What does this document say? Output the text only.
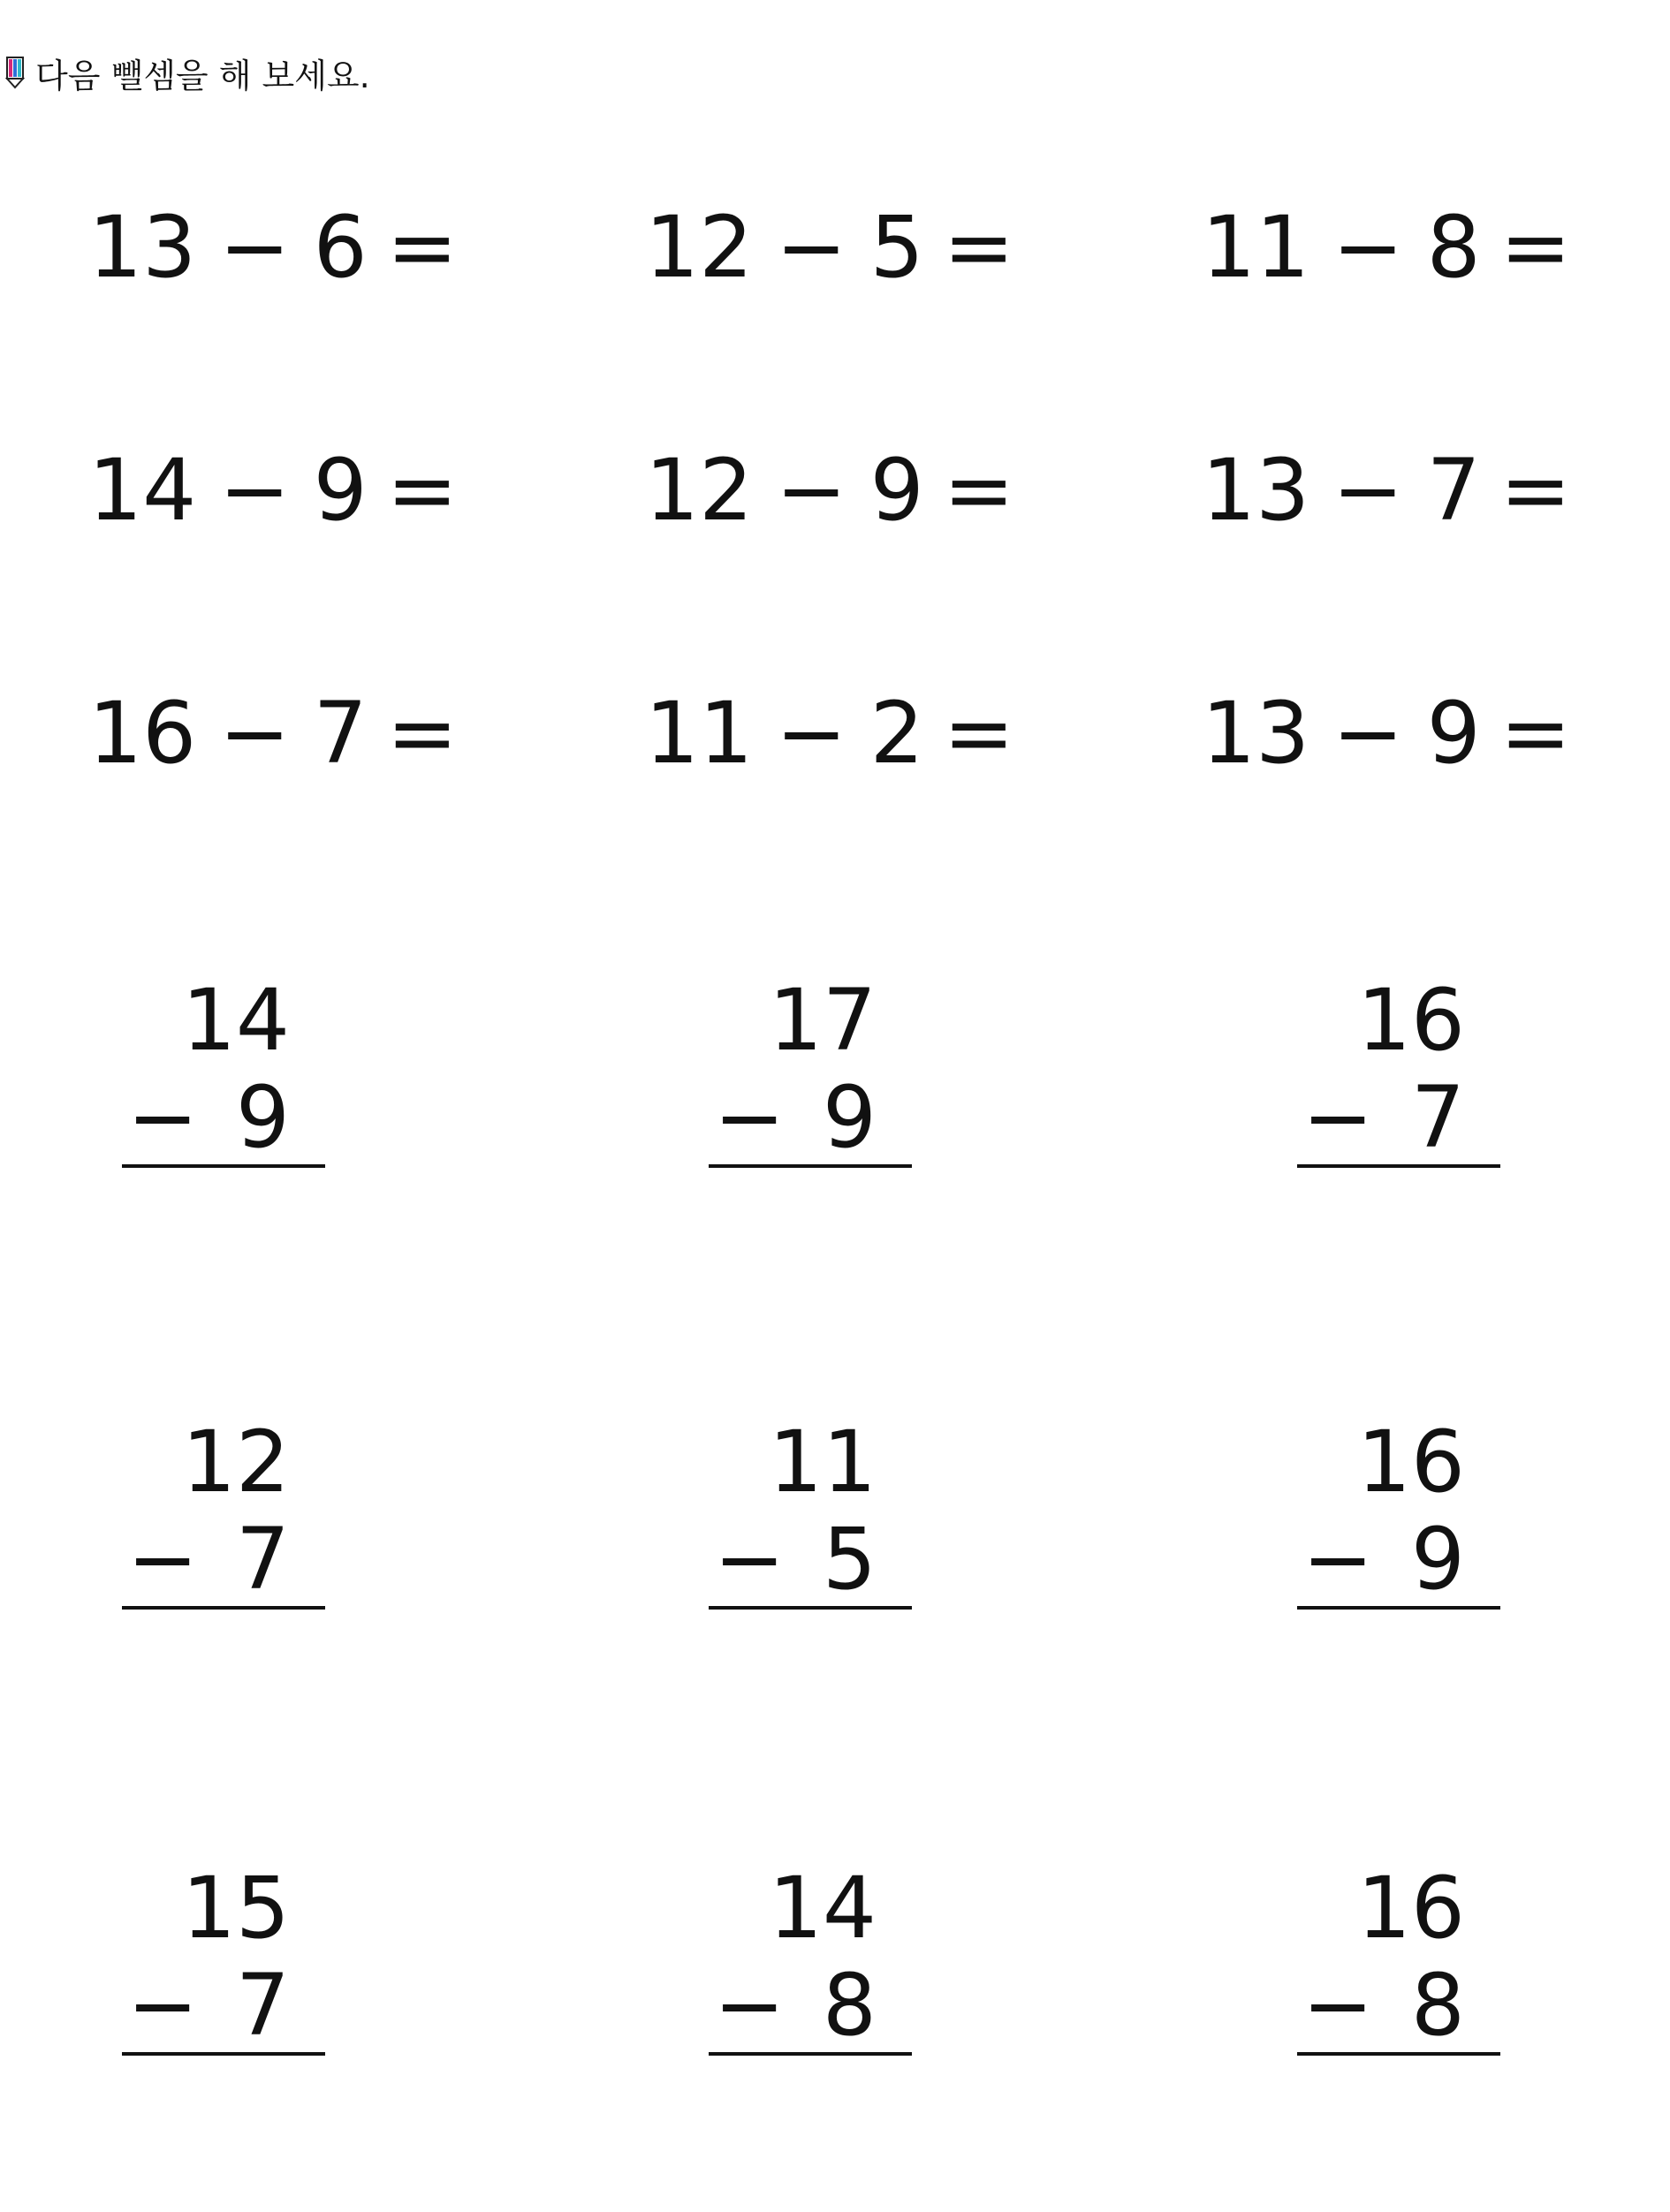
다음 뺄셈을 해 보세요.
13 − 6 = 12 − 5 = 11 − 8 =
14 − 9 = 12 − 9 = 13 − 7 =
16 − 7 = 11 − 2 = 13 − 9 =
14
− 9
17
− 9
16
− 7
12
− 7
11
− 5
16
− 9
15
− 7
14
− 8
16
− 8
